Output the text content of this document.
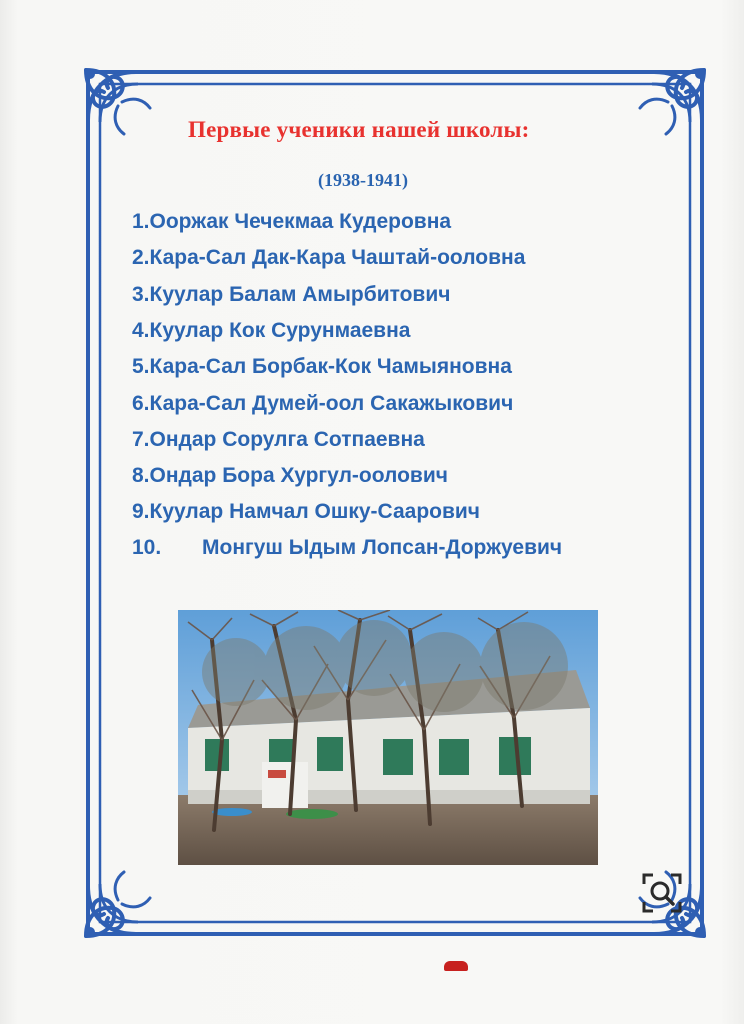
Первые ученики нашей школы:
(1938-1941)
1.Ооржак Чечекмаа Кудеровна
2.Кара-Сал Дак-Кара Чаштай-ооловна
3.Куулар Балам Амырбитович
4.Куулар Кок Сурунмаевна
5.Кара-Сал Борбак-Кок Чамыяновна
6.Кара-Сал Думей-оол Сакажыкович
7.Ондар Сорулга Сотпаевна
8.Ондар Бора Хургул-оолович
9.Куулар Намчал Ошку-Саарович
10. Монгуш Ыдым Лопсан-Доржуевич
